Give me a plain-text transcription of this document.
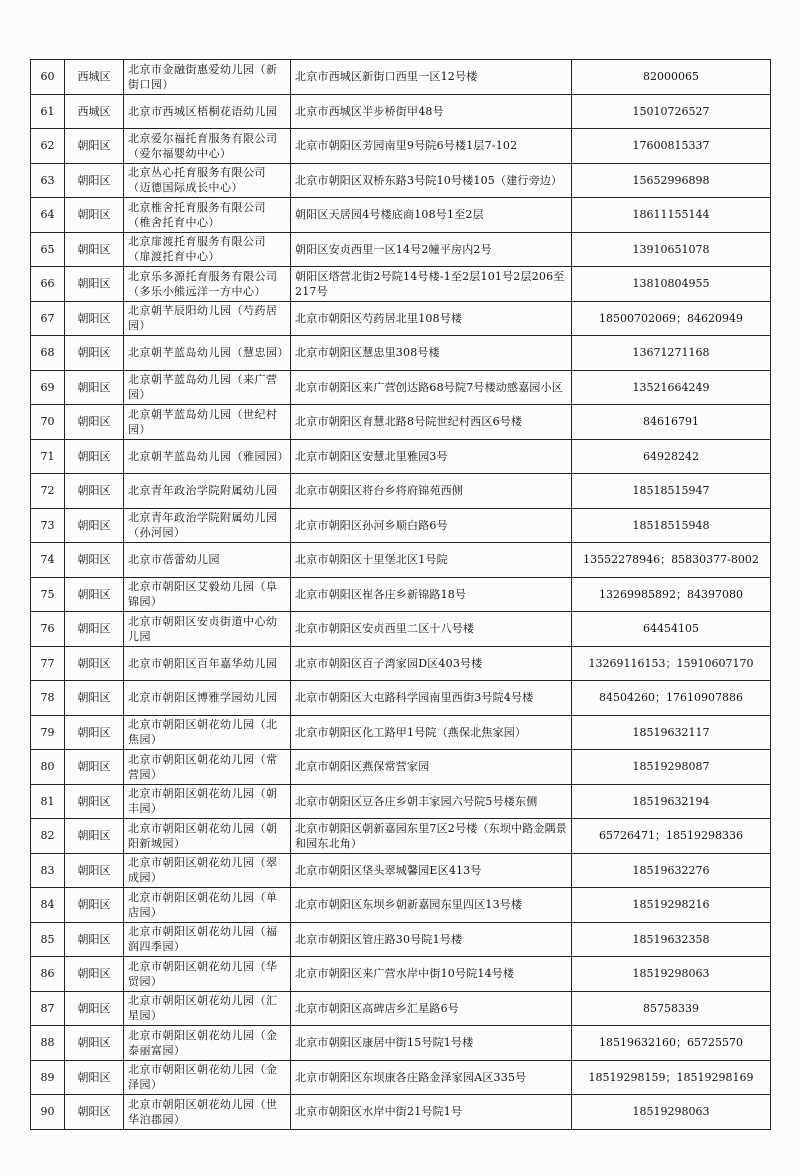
60	西城区	北京市金融街惠爱幼儿园（新街口园）	北京市西城区新街口西里一区12号楼	82000065
61	西城区	北京市西城区梧桐花语幼儿园	北京市西城区半步桥街甲48号	15010726527
62	朝阳区	北京爱尔福托育服务有限公司（爱尔福婴幼中心）	北京市朝阳区芳园南里9号院6号楼1层7-102	17600815337
63	朝阳区	北京丛心托育服务有限公司（迈德国际成长中心）	北京市朝阳区双桥东路3号院10号楼105（建行旁边）	15652996898
64	朝阳区	北京椎舍托育服务有限公司（椎舍托育中心）	朝阳区天居园4号楼底商108号1至2层	18611155144
65	朝阳区	北京扉渡托育服务有限公司（扉渡托育中心）	朝阳区安贞西里一区14号2幢平房内2号	13910651078
66	朝阳区	北京乐多源托育服务有限公司（多乐小熊远洋一方中心）	朝阳区塔营北街2号院14号楼-1至2层101号2层206至217号	13810804955
67	朝阳区	北京朝芊辰阳幼儿园（芍药居园）	北京市朝阳区芍药居北里108号楼	18500702069；84620949
68	朝阳区	北京朝芊蓝岛幼儿园（慧忠园）	北京市朝阳区慧忠里308号楼	13671271168
69	朝阳区	北京朝芊蓝岛幼儿园（来广营园）	北京市朝阳区来广营创达路68号院7号楼动感嘉园小区	13521664249
70	朝阳区	北京朝芊蓝岛幼儿园（世纪村园）	北京市朝阳区育慧北路8号院世纪村西区6号楼	84616791
71	朝阳区	北京朝芊蓝岛幼儿园（雅园园）	北京市朝阳区安慧北里雅园3号	64928242
72	朝阳区	北京青年政治学院附属幼儿园	北京市朝阳区将台乡将府锦苑西侧	18518515947
73	朝阳区	北京青年政治学院附属幼儿园（孙河园）	北京市朝阳区孙河乡顺白路6号	18518515948
74	朝阳区	北京市蓓蕾幼儿园	北京市朝阳区十里堡北区1号院	13552278946；85830377-8002
75	朝阳区	北京市朝阳区艾毅幼儿园（阜锦园）	北京市朝阳区崔各庄乡新锦路18号	13269985892；84397080
76	朝阳区	北京市朝阳区安贞街道中心幼儿园	北京市朝阳区安贞西里二区十八号楼	64454105
77	朝阳区	北京市朝阳区百年嘉华幼儿园	北京市朝阳区百子湾家园D区403号楼	13269116153；15910607170
78	朝阳区	北京市朝阳区博雅学园幼儿园	北京市朝阳区大屯路科学园南里西街3号院4号楼	84504260；17610907886
79	朝阳区	北京市朝阳区朝花幼儿园（北焦园）	北京市朝阳区化工路甲1号院（燕保北焦家园）	18519632117
80	朝阳区	北京市朝阳区朝花幼儿园（常营园）	北京市朝阳区燕保常营家园	18519298087
81	朝阳区	北京市朝阳区朝花幼儿园（朝丰园）	北京市朝阳区豆各庄乡朝丰家园六号院5号楼东侧	18519632194
82	朝阳区	北京市朝阳区朝花幼儿园（朝阳新城园）	北京市朝阳区朝新嘉园东里7区2号楼（东坝中路金隅景和园东北角）	65726471；18519298336
83	朝阳区	北京市朝阳区朝花幼儿园（翠成园）	北京市朝阳区垡头翠城馨园E区413号	18519632276
84	朝阳区	北京市朝阳区朝花幼儿园（单店园）	北京市朝阳区东坝乡朝新嘉园东里四区13号楼	18519298216
85	朝阳区	北京市朝阳区朝花幼儿园（福润四季园）	北京市朝阳区管庄路30号院1号楼	18519632358
86	朝阳区	北京市朝阳区朝花幼儿园（华贸园）	北京市朝阳区来广营水岸中街10号院14号楼	18519298063
87	朝阳区	北京市朝阳区朝花幼儿园（汇星园）	北京市朝阳区高碑店乡汇星路6号	85758339
88	朝阳区	北京市朝阳区朝花幼儿园（金泰丽富园）	北京市朝阳区康居中街15号院1号楼	18519632160；65725570
89	朝阳区	北京市朝阳区朝花幼儿园（金泽园）	北京市朝阳区东坝康各庄路金泽家园A区335号	18519298159；18519298169
90	朝阳区	北京市朝阳区朝花幼儿园（世华泊郡园）	北京市朝阳区水岸中街21号院1号	18519298063
